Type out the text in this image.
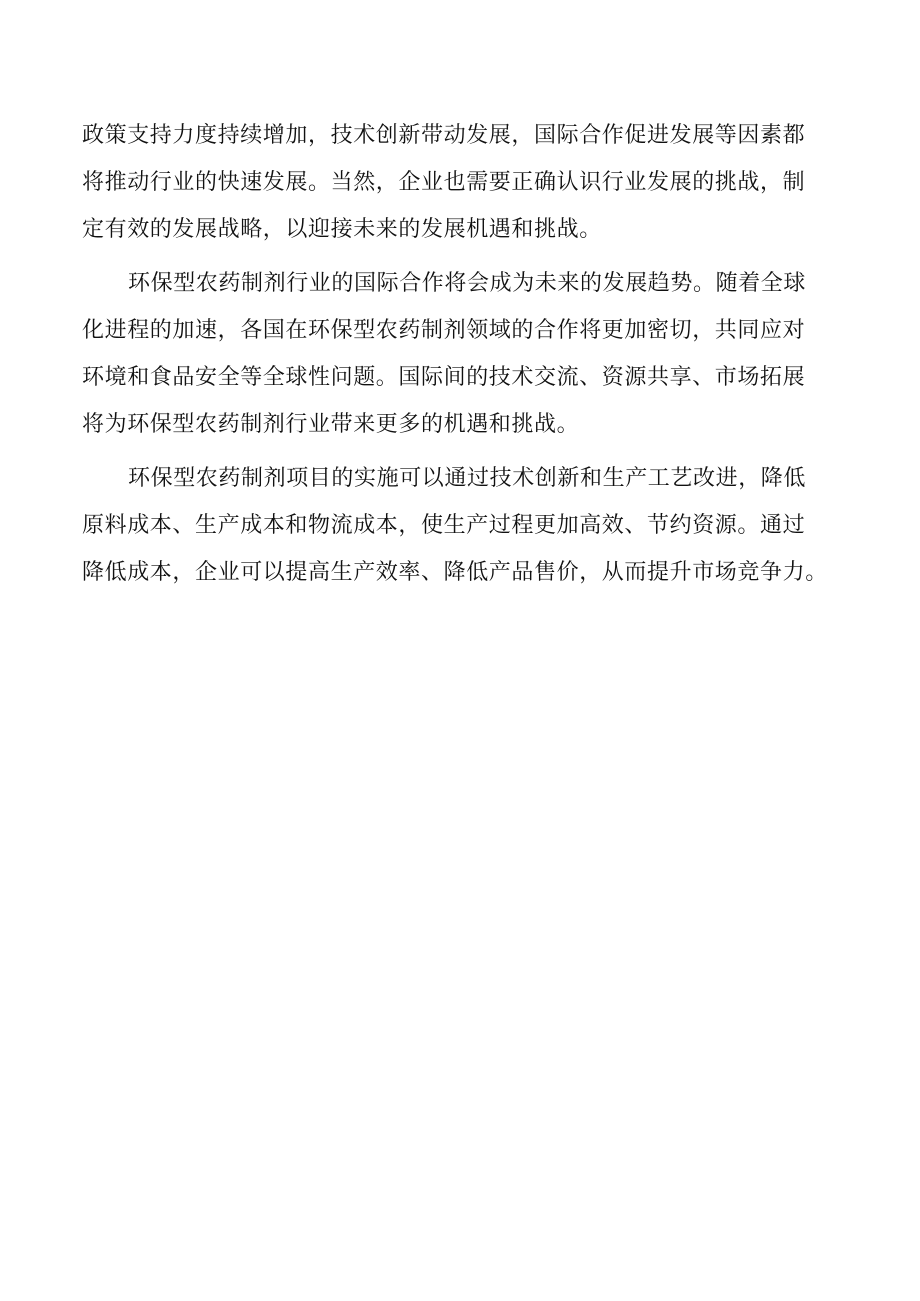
政策支持力度持续增加，技术创新带动发展，国际合作促进发展等因素都
将推动行业的快速发展。当然，企业也需要正确认识行业发展的挑战，制
定有效的发展战略，以迎接未来的发展机遇和挑战。

环保型农药制剂行业的国际合作将会成为未来的发展趋势。随着全球
化进程的加速，各国在环保型农药制剂领域的合作将更加密切，共同应对
环境和食品安全等全球性问题。国际间的技术交流、资源共享、市场拓展
将为环保型农药制剂行业带来更多的机遇和挑战。

环保型农药制剂项目的实施可以通过技术创新和生产工艺改进，降低
原料成本、生产成本和物流成本，使生产过程更加高效、节约资源。通过
降低成本，企业可以提高生产效率、降低产品售价，从而提升市场竞争力。
